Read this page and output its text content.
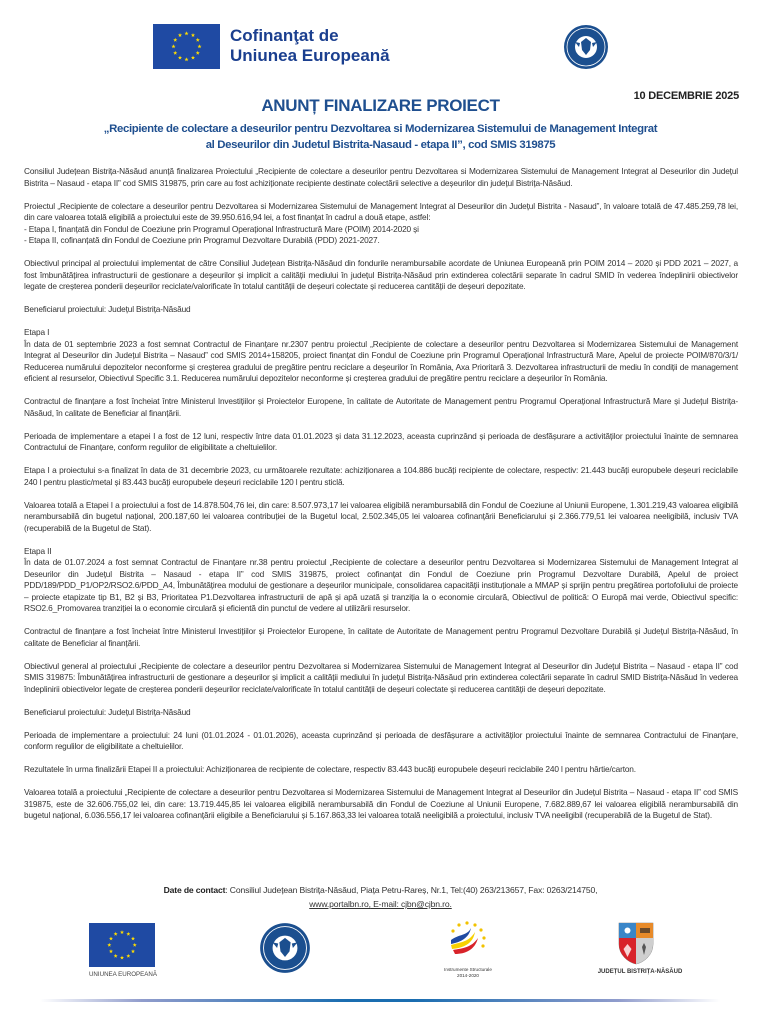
Cofinanţat de
Uniunea Europeană
10 DECEMBRIE 2025
ANUNȚ FINALIZARE PROIECT
„Recipiente de colectare a deseurilor pentru Dezvoltarea si Modernizarea Sistemului de Management Integrat
al Deseurilor din Judetul Bistrita-Nasaud - etapa II”, cod SMIS 319875

Consiliul Județean Bistrița-Năsăud anunță finalizarea Proiectului „Recipiente de colectare a deseurilor pentru Dezvoltarea si Modernizarea Sistemului de Management Integrat al Deseurilor din Județul Bistrita – Nasaud - etapa II” cod SMIS 319875, prin care au fost achiziționate recipiente destinate colectării selective a deșeurilor din județul Bistrița-Năsăud.

Proiectul „Recipiente de colectare a deseurilor pentru Dezvoltarea si Modernizarea Sistemului de Management Integrat al Deseurilor din Județul Bistrita - Nasaud”, în valoare totală de 47.485.259,78 lei, din care valoarea totală eligibilă a proiectului este de 39.950.616,94 lei, a fost finanțat în cadrul a două etape, astfel:

- Etapa I, finanțată din Fondul de Coeziune prin Programul Operațional Infrastructură Mare (POIM) 2014-2020 și

- Etapa II, cofinanțată din Fondul de Coeziune prin Programul Dezvoltare Durabilă (PDD) 2021-2027.

Obiectivul principal al proiectului implementat de către Consiliul Județean Bistrița-Năsăud din fondurile nerambursabile acordate de Uniunea Europeană prin POIM 2014 – 2020 și PDD 2021 – 2027, a fost îmbunătățirea infrastructurii de gestionare a deșeurilor și implicit a calității mediului în județul Bistrița-Năsăud prin extinderea colectării separate în cadrul SMID în vederea îndeplinirii obiectivelor legate de creșterea ponderii deșeurilor reciclate/valorificate în totalul cantității de deșeuri colectate și reducerea cantității de deșeuri depozitate.

Beneficiarul proiectului: Județul Bistrița-Năsăud

Etapa I

În data de 01 septembrie 2023 a fost semnat Contractul de Finanțare nr.2307 pentru proiectul „Recipiente de colectare a deseurilor pentru Dezvoltarea si Modernizarea Sistemului de Management Integrat al Deseurilor din Județul Bistrita – Nasaud” cod SMIS 2014+158205, proiect finanțat din Fondul de Coeziune prin Programul Operațional Infrastructură Mare, Apelul de proiecte POIM/870/3/1/ Reducerea numărului depozitelor neconforme și creșterea gradului de pregătire pentru reciclare a deșeurilor în România, Axa Prioritară 3. Dezvoltarea infrastructurii de mediu în condiții de management eficient al resurselor, Obiectivul Specific 3.1. Reducerea numărului depozitelor neconforme și creșterea gradului de pregătire pentru reciclare a deșeurilor în România.

Contractul de finanțare a fost încheiat între Ministerul Investițiilor și Proiectelor Europene, în calitate de Autoritate de Management pentru Programul Operațional Infrastructură Mare și Județul Bistrița-Năsăud, în calitate de Beneficiar al finanțării.

Perioada de implementare a etapei I a fost de 12 luni, respectiv între data 01.01.2023 și data 31.12.2023, aceasta cuprinzând și perioada de desfășurare a activităților proiectului înainte de semnarea Contractului de Finanțare, conform regulilor de eligibilitate a cheltuielilor.

Etapa I a proiectului s-a finalizat în data de 31 decembrie 2023, cu următoarele rezultate: achiziționarea a 104.886 bucăți recipiente de colectare, respectiv: 21.443 bucăți europubele deșeuri reciclabile 240 l pentru plastic/metal și 83.443 bucăți europubele deșeuri reciclabile 120 l pentru sticlă.

Valoarea totală a Etapei I a proiectului a fost de 14.878.504,76 lei, din care: 8.507.973,17 lei valoarea eligibilă nerambursabilă din Fondul de Coeziune al Uniunii Europene, 1.301.219,43 valoarea eligibilă nerambursabilă din bugetul național, 200.187,60 lei valoarea contribuției de la Bugetul local, 2.502.345,05 lei valoarea cofinanțării Beneficiarului și 2.366.779,51 lei valoarea neeligibilă, inclusiv TVA (recuperabilă de la Bugetul de Stat).

Etapa II

În data de 01.07.2024 a fost semnat Contractul de Finanțare nr.38 pentru proiectul „Recipiente de colectare a deseurilor pentru Dezvoltarea si Modernizarea Sistemului de Management Integrat al Deseurilor din Județul Bistrita – Nasaud - etapa II” cod SMIS 319875, proiect cofinanțat din Fondul de Coeziune prin Programul Dezvoltare Durabilă, Apelul de proiect PDD/189/PDD_P1/OP2/RSO2.6/PDD_A4, Îmbunătățirea modului de gestionare a deșeurilor municipale, consolidarea capacității instituționale a MMAP și sprijin pentru pregătirea portofoliului de proiecte – proiecte etapizate tip B1, B2 și B3, Prioritatea P1.Dezvoltarea infrastructurii de apă și apă uzată și tranziția la o economie circulară, Obiectivul de politică: O Europă mai verde, Obiectivul specific: RSO2.6_Promovarea tranziției la o economie circulară și eficientă din punctul de vedere al utilizării resurselor.

Contractul de finanțare a fost încheiat între Ministerul Investițiilor și Proiectelor Europene, în calitate de Autoritate de Management pentru Programul Dezvoltare Durabilă și Județul Bistrița-Năsăud, în calitate de Beneficiar al finanțării.

Obiectivul general al proiectului „Recipiente de colectare a deseurilor pentru Dezvoltarea si Modernizarea Sistemului de Management Integrat al Deseurilor din Județul Bistrita – Nasaud - etapa II” cod SMIS 319875: Îmbunătățirea infrastructurii de gestionare a deșeurilor și implicit a calității mediului în județul Bistrița-Năsăud prin extinderea colectării separate în cadrul SMID Bistrița-Năsăud în vederea îndeplinirii obiectivelor legate de creșterea ponderii deșeurilor reciclate/valorificate în totalul cantității de deșeuri colectate și reducerea cantității de deșeuri depozitate.

Beneficiarul proiectului: Județul Bistrița-Năsăud

Perioada de implementare a proiectului: 24 luni (01.01.2024 - 01.01.2026), aceasta cuprinzând și perioada de desfășurare a activităților proiectului înainte de semnarea Contractului de Finanțare, conform regulilor de eligibilitate a cheltuielilor.

Rezultatele în urma finalizării Etapei II a proiectului: Achiziționarea de recipiente de colectare, respectiv 83.443 bucăți europubele deșeuri reciclabile 240 l pentru hârtie/carton.

Valoarea totală a proiectului „Recipiente de colectare a deseurilor pentru Dezvoltarea si Modernizarea Sistemului de Management Integrat al Deseurilor din Județul Bistrita – Nasaud - etapa II” cod SMIS 319875, este de 32.606.755,02 lei, din care: 13.719.445,85 lei valoarea eligibilă nerambursabilă din Fondul de Coeziune al Uniunii Europene, 7.682.889,67 lei valoarea eligibilă nerambursabilă din bugetul național, 6.036.556,17 lei valoarea cofinanțării eligibile a Beneficiarului și 5.167.863,33 lei valoarea totală neeligibilă a proiectului, inclusiv TVA neeligibil (recuperabilă de la Bugetul de Stat).

Date de contact: Consiliul Județean Bistrița-Năsăud, Piața Petru-Rareș, Nr.1, Tel:(40) 263/213657, Fax: 0263/214750,
www.portalbn.ro, E-mail: cjbn@cjbn.ro.
UNIUNEA EUROPEANĂ
Instrumente Structurale
2014-2020	JUDEȚUL BISTRIȚA-NĂSĂUD
